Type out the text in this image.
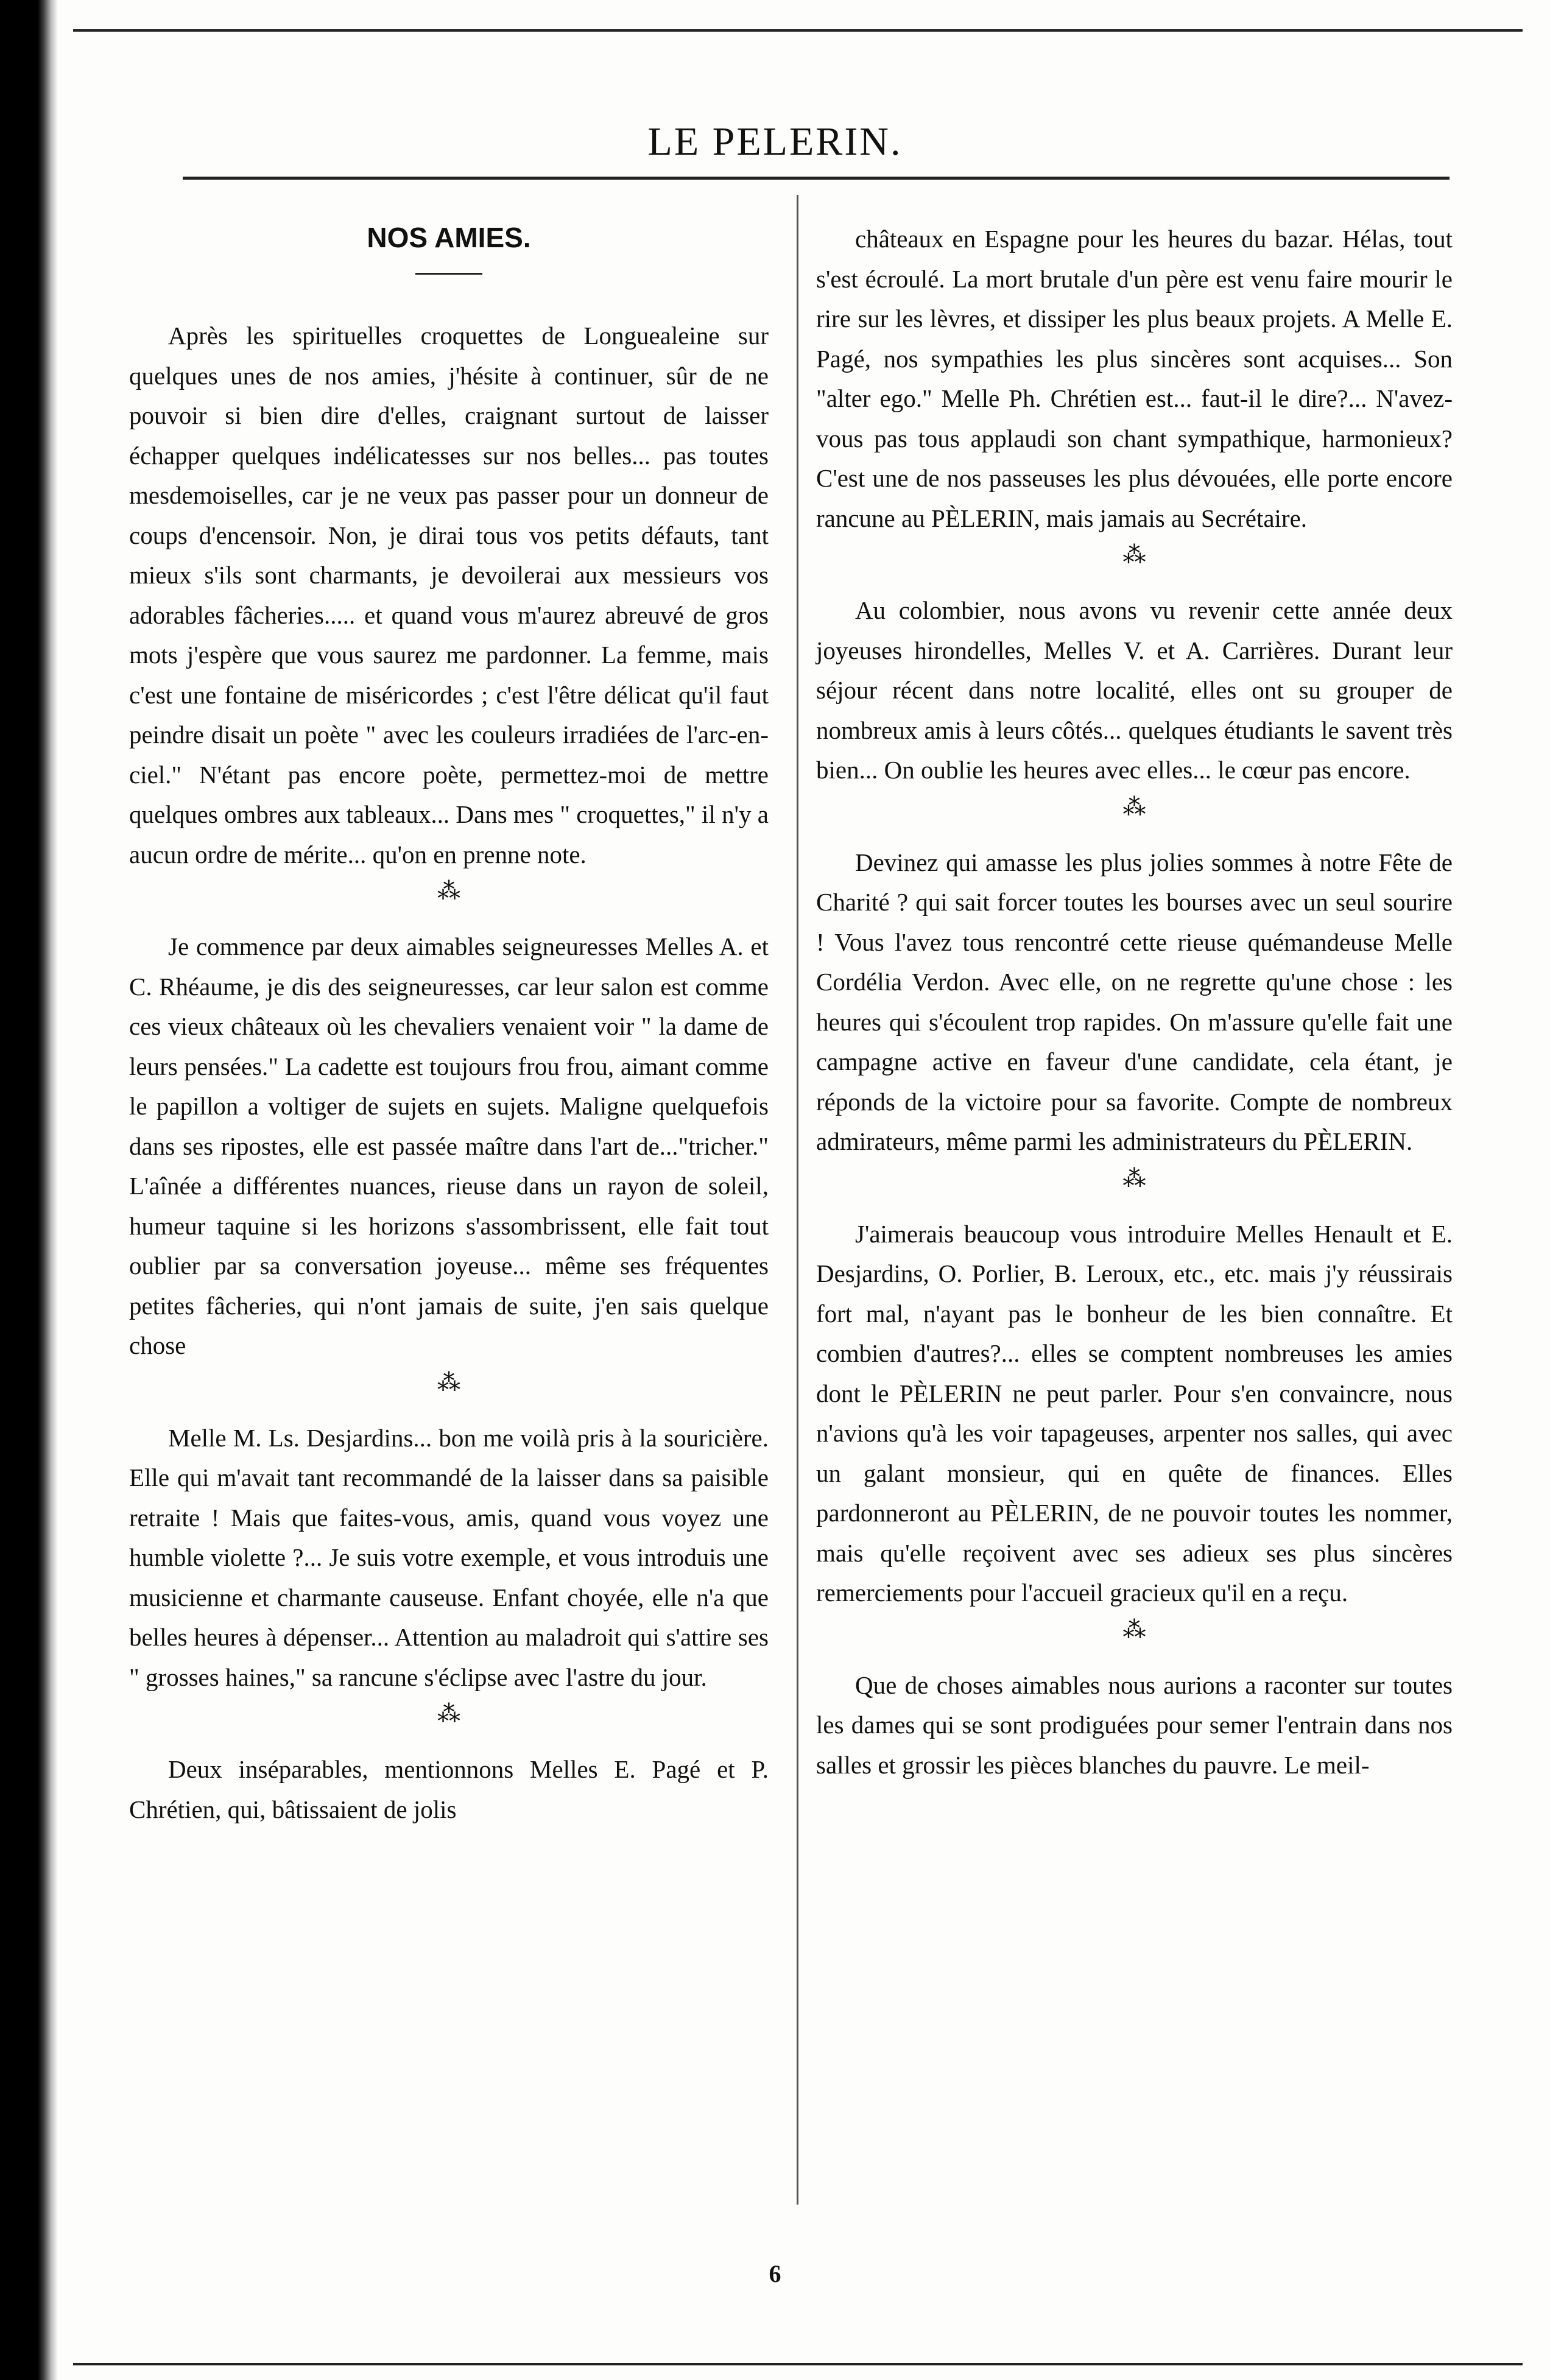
LE PELERIN.
NOS AMIES.

Après les spirituelles croquettes de Longuealeine sur quelques unes de nos amies, j'hésite à continuer, sûr de ne pouvoir si bien dire d'elles, craignant surtout de laisser échapper quelques indélicatesses sur nos belles... pas toutes mesdemoiselles, car je ne veux pas passer pour un donneur de coups d'encensoir. Non, je dirai tous vos petits défauts, tant mieux s'ils sont charmants, je devoilerai aux messieurs vos adorables fâcheries..... et quand vous m'aurez abreuvé de gros mots j'espère que vous saurez me pardonner. La femme, mais c'est une fontaine de miséricordes ; c'est l'être délicat qu'il faut peindre disait un poète " avec les couleurs irradiées de l'arc-en-ciel." N'étant pas encore poète, permettez-moi de mettre quelques ombres aux tableaux... Dans mes " croquettes," il n'y a aucun ordre de mérite... qu'on en prenne note.

⁂

Je commence par deux aimables seigneuresses Melles A. et C. Rhéaume, je dis des seigneuresses, car leur salon est comme ces vieux châteaux où les chevaliers venaient voir " la dame de leurs pensées." La cadette est toujours frou frou, aimant comme le papillon a voltiger de sujets en sujets. Maligne quelquefois dans ses ripostes, elle est passée maître dans l'art de..."tricher." L'aînée a différentes nuances, rieuse dans un rayon de soleil, humeur taquine si les horizons s'assombrissent, elle fait tout oublier par sa conversation joyeuse... même ses fréquentes petites fâcheries, qui n'ont jamais de suite, j'en sais quelque chose

⁂

Melle M. Ls. Desjardins... bon me voilà pris à la souricière. Elle qui m'avait tant recommandé de la laisser dans sa paisible retraite ! Mais que faites-vous, amis, quand vous voyez une humble violette ?... Je suis votre exemple, et vous introduis une musicienne et charmante causeuse. Enfant choyée, elle n'a que belles heures à dépenser... Attention au maladroit qui s'attire ses " grosses haines," sa rancune s'éclipse avec l'astre du jour.

⁂

Deux inséparables, mentionnons Melles E. Pagé et P. Chrétien, qui, bâtissaient de jolis

châteaux en Espagne pour les heures du bazar. Hélas, tout s'est écroulé. La mort brutale d'un père est venu faire mourir le rire sur les lèvres, et dissiper les plus beaux projets. A Melle E. Pagé, nos sympathies les plus sincères sont acquises... Son "alter ego." Melle Ph. Chrétien est... faut-il le dire?... N'avez-vous pas tous applaudi son chant sympathique, harmonieux? C'est une de nos passeuses les plus dévouées, elle porte encore rancune au PÈLERIN, mais jamais au Secrétaire.

⁂

Au colombier, nous avons vu revenir cette année deux joyeuses hirondelles, Melles V. et A. Carrières. Durant leur séjour récent dans notre localité, elles ont su grouper de nombreux amis à leurs côtés... quelques étudiants le savent très bien... On oublie les heures avec elles... le cœur pas encore.

⁂

Devinez qui amasse les plus jolies sommes à notre Fête de Charité ? qui sait forcer toutes les bourses avec un seul sourire ! Vous l'avez tous rencontré cette rieuse quémandeuse Melle Cordélia Verdon. Avec elle, on ne regrette qu'une chose : les heures qui s'écoulent trop rapides. On m'assure qu'elle fait une campagne active en faveur d'une candidate, cela étant, je réponds de la victoire pour sa favorite. Compte de nombreux admirateurs, même parmi les administrateurs du PÈLERIN.

⁂

J'aimerais beaucoup vous introduire Melles Henault et E. Desjardins, O. Porlier, B. Leroux, etc., etc. mais j'y réussirais fort mal, n'ayant pas le bonheur de les bien connaître. Et combien d'autres?... elles se comptent nombreuses les amies dont le PÈLERIN ne peut parler. Pour s'en convaincre, nous n'avions qu'à les voir tapageuses, arpenter nos salles, qui avec un galant monsieur, qui en quête de finances. Elles pardonneront au PÈLERIN, de ne pouvoir toutes les nommer, mais qu'elle reçoivent avec ses adieux ses plus sincères remerciements pour l'accueil gracieux qu'il en a reçu.

⁂

Que de choses aimables nous aurions a raconter sur toutes les dames qui se sont prodiguées pour semer l'entrain dans nos salles et grossir les pièces blanches du pauvre. Le meil-

6
